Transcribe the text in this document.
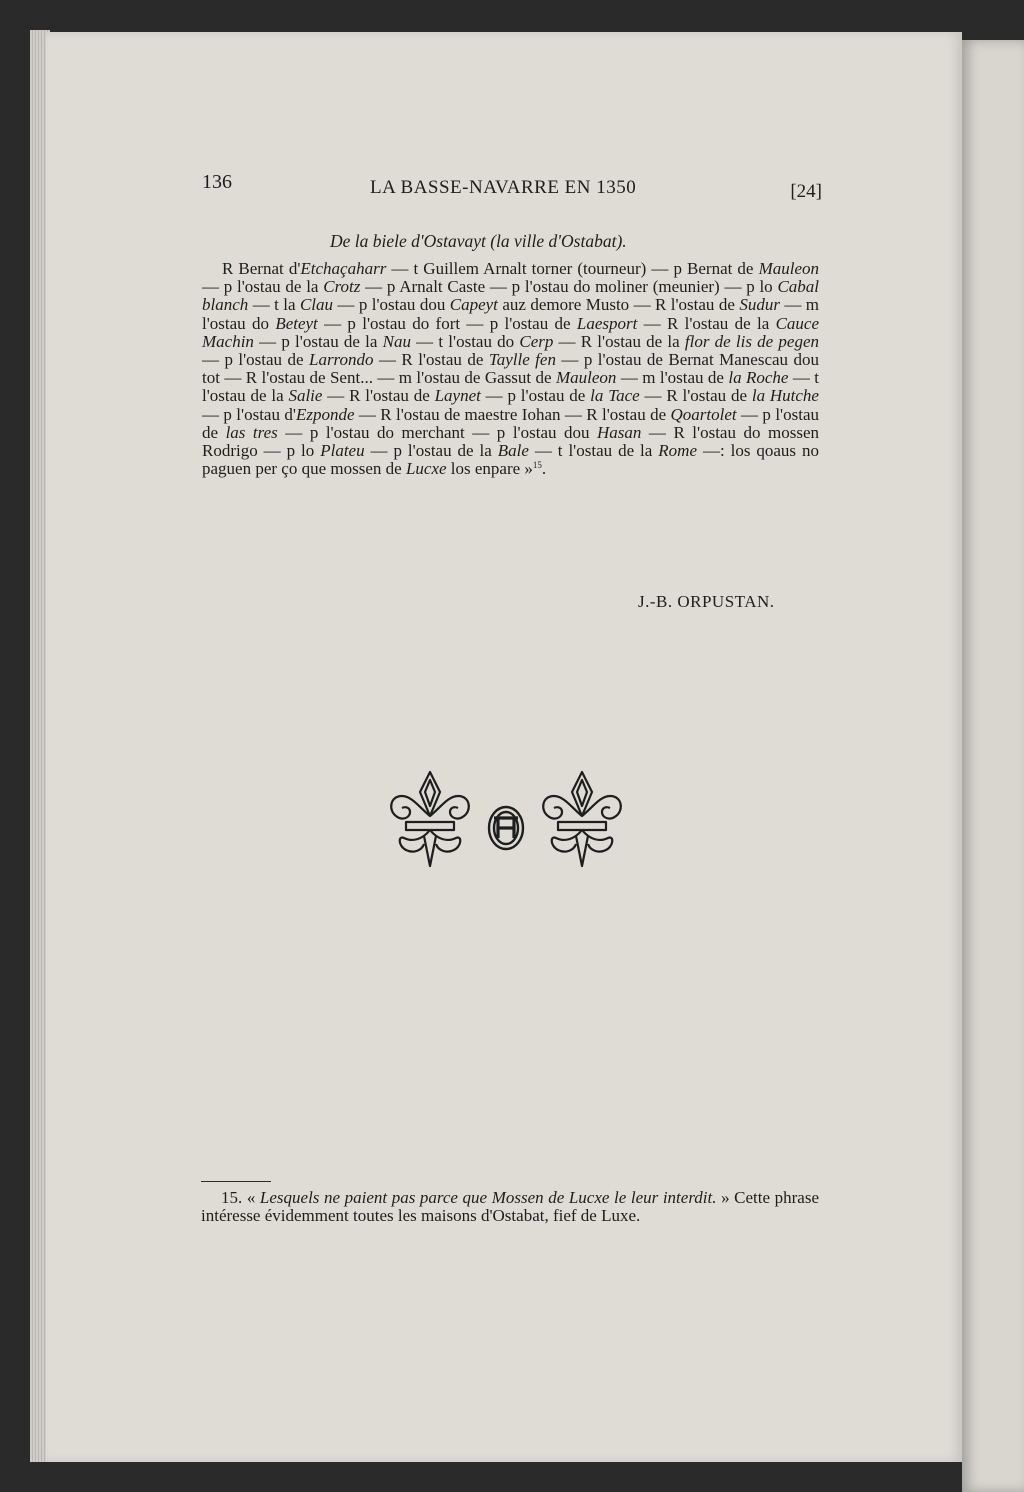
136	LA BASSE-NAVARRE EN 1350	[24]
De la biele d'Ostavayt (la ville d'Ostabat).

R Bernat d'Etchaçaharr — t Guillem Arnalt torner (tourneur) — p Bernat de Mauleon — p l'ostau de la Crotz — p Arnalt Caste — p l'ostau do moliner (meunier) — p lo Cabal blanch — t la Clau — p l'ostau dou Capeyt auz demore Musto — R l'ostau de Sudur — m l'ostau do Beteyt — p l'ostau do fort — p l'ostau de Laesport — R l'ostau de la Cauce Machin — p l'ostau de la Nau — t l'ostau do Cerp — R l'ostau de la flor de lis de pegen — p l'ostau de Larrondo — R l'ostau de Taylle fen — p l'ostau de Bernat Manescau dou tot — R l'ostau de Sent... — m l'ostau de Gassut de Mauleon — m l'ostau de la Roche — t l'ostau de la Salie — R l'ostau de Laynet — p l'ostau de la Tace — R l'ostau de la Hutche — p l'ostau d'Ezponde — R l'ostau de maestre Iohan — R l'ostau de Qoartolet — p l'ostau de las tres — p l'ostau do merchant — p l'ostau dou Hasan — R l'ostau do mossen Rodrigo — p lo Plateu — p l'ostau de la Bale — t l'ostau de la Rome —: los qoaus no paguen per ço que mossen de Lucxe los enpare »$^{15}$.

J.-B. ORPUSTAN.

15. « Lesquels ne paient pas parce que Mossen de Lucxe le leur interdit. » Cette phrase intéresse évidemment toutes les maisons d'Ostabat, fief de Luxe.
